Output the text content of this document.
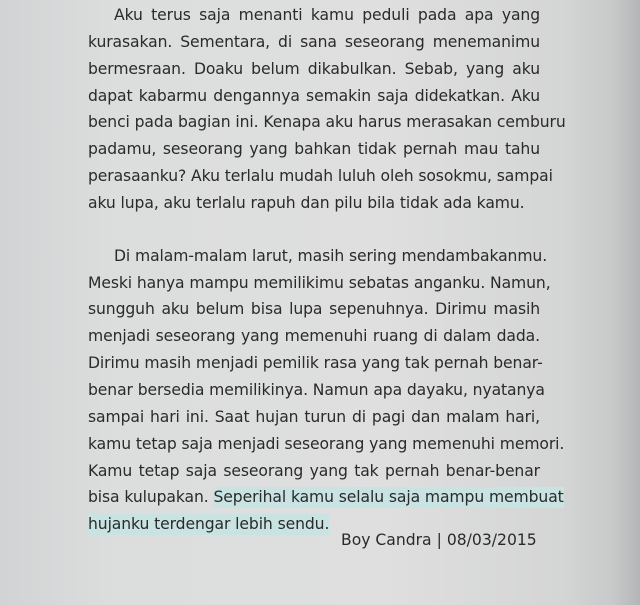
Aku terus saja menanti kamu peduli pada apa yang
kurasakan. Sementara, di sana seseorang menemanimu
bermesraan. Doaku belum dikabulkan. Sebab, yang aku
dapat kabarmu dengannya semakin saja didekatkan. Aku
benci pada bagian ini. Kenapa aku harus merasakan cemburu
padamu, seseorang yang bahkan tidak pernah mau tahu
perasaanku? Aku terlalu mudah luluh oleh sosokmu, sampai
aku lupa, aku terlalu rapuh dan pilu bila tidak ada kamu.
Di malam-malam larut, masih sering mendambakanmu.
Meski hanya mampu memilikimu sebatas anganku. Namun,
sungguh aku belum bisa lupa sepenuhnya. Dirimu masih
menjadi seseorang yang memenuhi ruang di dalam dada.
Dirimu masih menjadi pemilik rasa yang tak pernah benar-
benar bersedia memilikinya. Namun apa dayaku, nyatanya
sampai hari ini. Saat hujan turun di pagi dan malam hari,
kamu tetap saja menjadi seseorang yang memenuhi memori.
Kamu tetap saja seseorang yang tak pernah benar-benar
bisa kulupakan. Seperihal kamu selalu saja mampu membuat
hujanku terdengar lebih sendu.
Boy Candra | 08/03/2015
